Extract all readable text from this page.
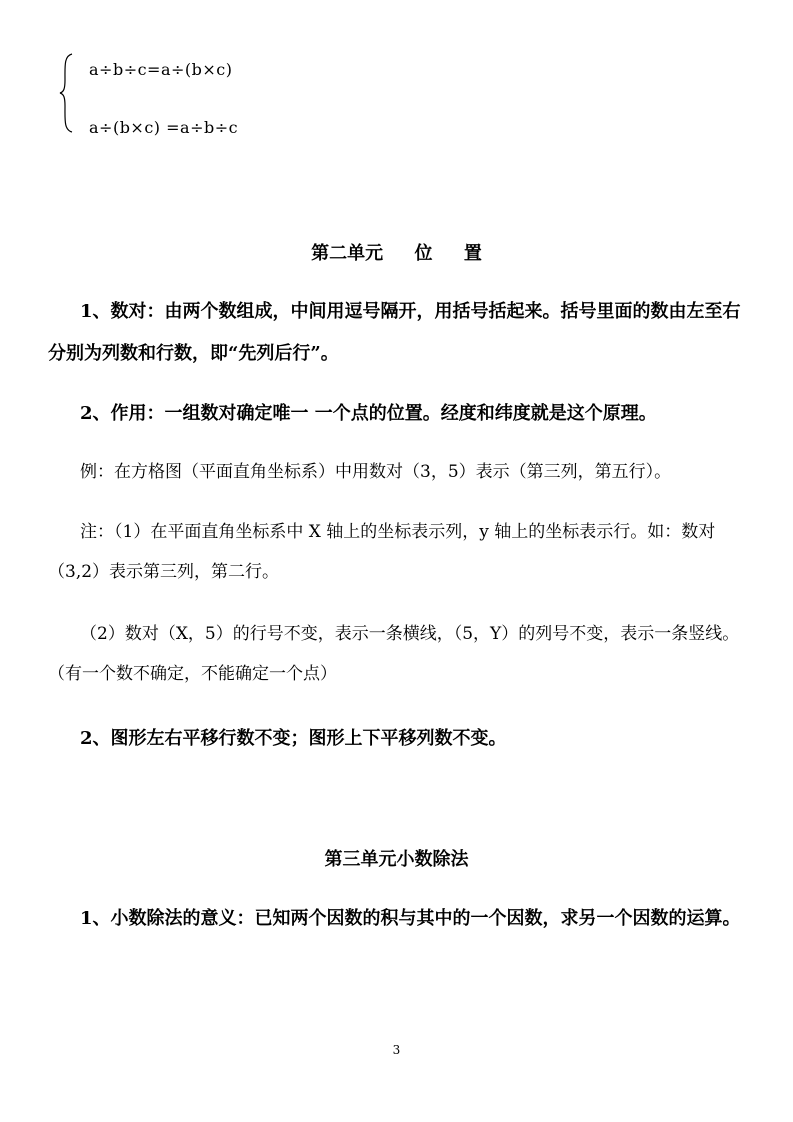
a÷b÷c=a÷(b×c)
a÷(b×c) =a÷b÷c
第二单元     位     置
1、数对：由两个数组成，中间用逗号隔开，用括号括起来。括号里面的数由左至右分别为列数和行数，即“先列后行”。
2、作用：一组数对确定唯一 一个点的位置。经度和纬度就是这个原理。
例：在方格图（平面直角坐标系）中用数对（3，5）表示（第三列，第五行）。
注：（1）在平面直角坐标系中 X 轴上的坐标表示列，y 轴上的坐标表示行。如：数对（3,2）表示第三列，第二行。
（2）数对（X，5）的行号不变，表示一条横线，（5，Y）的列号不变，表示一条竖线。（有一个数不确定，不能确定一个点）
2、图形左右平移行数不变；图形上下平移列数不变。
第三单元小数除法
1、小数除法的意义：已知两个因数的积与其中的一个因数，求另一个因数的运算。
3
